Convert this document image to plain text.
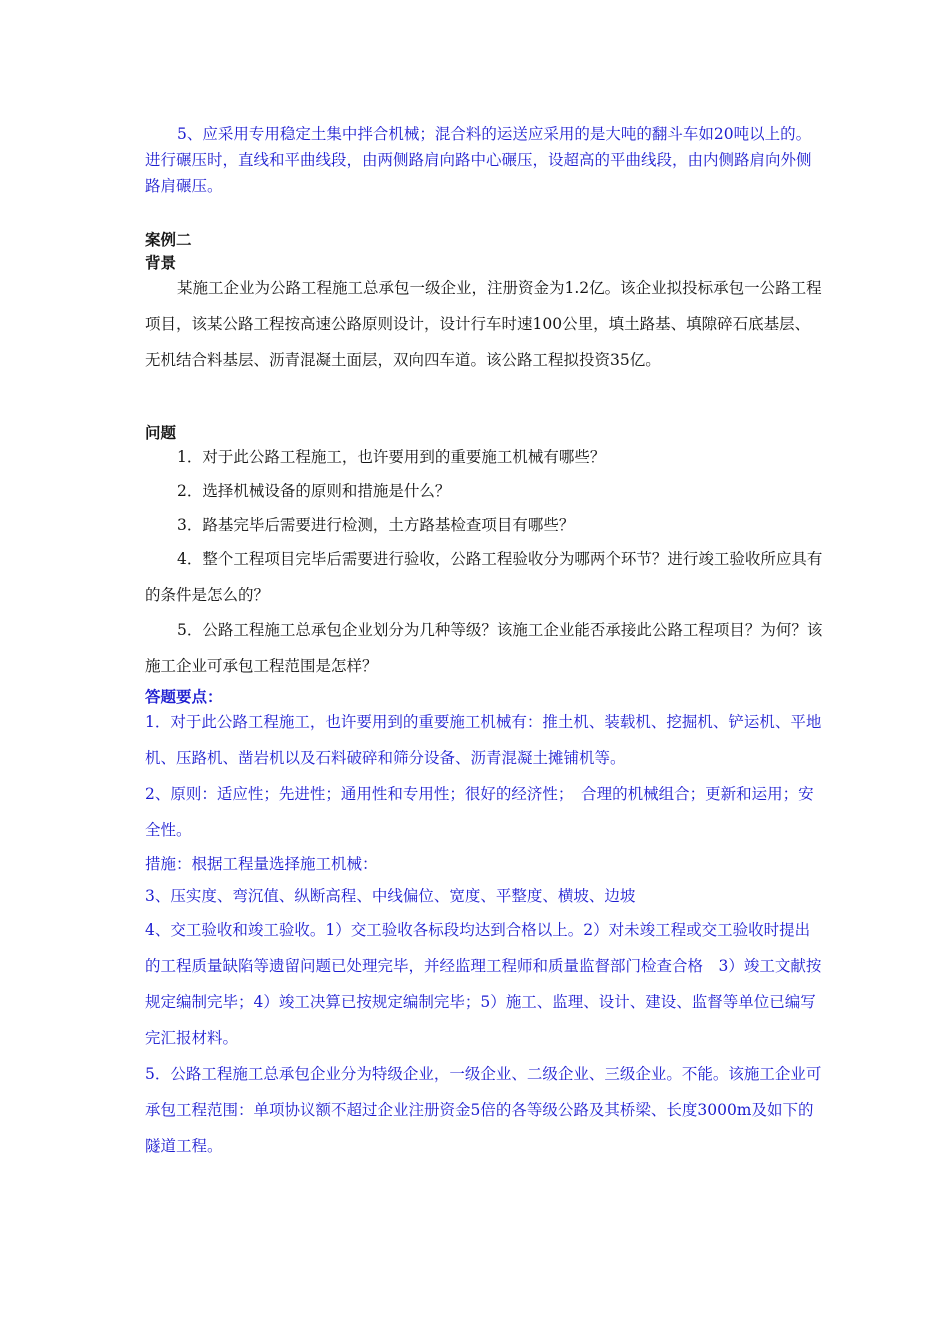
5、应采用专用稳定土集中拌合机械；混合料的运送应采用的是大吨的翻斗车如20吨以上的。进行碾压时，直线和平曲线段，由两侧路肩向路中心碾压，设超高的平曲线段，由内侧路肩向外侧路肩碾压。
案例二
背景
某施工企业为公路工程施工总承包一级企业，注册资金为1.2亿。该企业拟投标承包一公路工程项目，该某公路工程按高速公路原则设计，设计行车时速100公里，填土路基、填隙碎石底基层、无机结合料基层、沥青混凝土面层，双向四车道。该公路工程拟投资35亿。
问题
1．对于此公路工程施工，也许要用到的重要施工机械有哪些？
2．选择机械设备的原则和措施是什么？
3．路基完毕后需要进行检测，土方路基检查项目有哪些？
4．整个工程项目完毕后需要进行验收，公路工程验收分为哪两个环节？进行竣工验收所应具有的条件是怎么的？
5．公路工程施工总承包企业划分为几种等级？该施工企业能否承接此公路工程项目？为何？该施工企业可承包工程范围是怎样？
答题要点：
1．对于此公路工程施工，也许要用到的重要施工机械有：推土机、装载机、挖掘机、铲运机、平地机、压路机、凿岩机以及石料破碎和筛分设备、沥青混凝土摊铺机等。
2、原则：适应性；先进性；通用性和专用性；很好的经济性；　合理的机械组合；更新和运用；安全性。
措施：根据工程量选择施工机械：
3、压实度、弯沉值、纵断高程、中线偏位、宽度、平整度、横坡、边坡
4、交工验收和竣工验收。1）交工验收各标段均达到合格以上。2）对未竣工程或交工验收时提出的工程质量缺陷等遗留问题已处理完毕，并经监理工程师和质量监督部门检查合格　3）竣工文献按规定编制完毕；4）竣工决算已按规定编制完毕；5）施工、监理、设计、建设、监督等单位已编写完汇报材料。
5．公路工程施工总承包企业分为特级企业，一级企业、二级企业、三级企业。不能。该施工企业可承包工程范围：单项协议额不超过企业注册资金5倍的各等级公路及其桥梁、长度3000m及如下的隧道工程。
